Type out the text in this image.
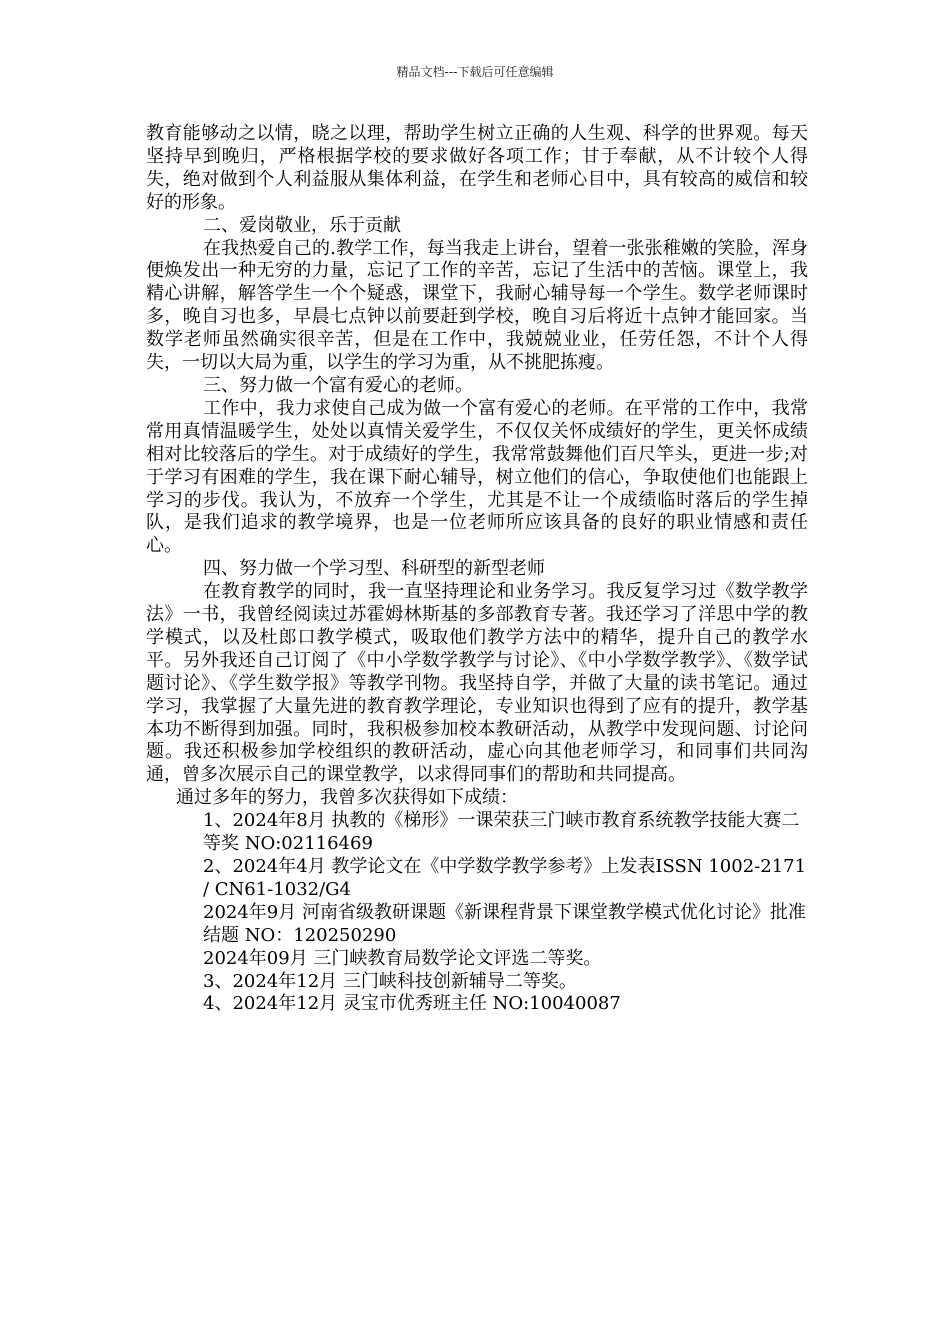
精品文档---下载后可任意编辑

教育能够动之以情，晓之以理，帮助学生树立正确的人生观、科学的世界观。每天坚持早到晚归，严格根据学校的要求做好各项工作；甘于奉献，从不计较个人得失，绝对做到个人利益服从集体利益，在学生和老师心目中，具有较高的威信和较好的形象。

二、爱岗敬业，乐于贡献

在我热爱自己的.教学工作，每当我走上讲台，望着一张张稚嫩的笑脸，浑身便焕发出一种无穷的力量，忘记了工作的辛苦，忘记了生活中的苦恼。课堂上，我精心讲解，解答学生一个个疑惑，课堂下，我耐心辅导每一个学生。数学老师课时多，晚自习也多，早晨七点钟以前要赶到学校，晚自习后将近十点钟才能回家。当数学老师虽然确实很辛苦，但是在工作中，我兢兢业业，任劳任怨，不计个人得失，一切以大局为重，以学生的学习为重，从不挑肥拣瘦。

三、努力做一个富有爱心的老师。

工作中，我力求使自己成为做一个富有爱心的老师。在平常的工作中，我常常用真情温暖学生，处处以真情关爱学生，不仅仅关怀成绩好的学生，更关怀成绩相对比较落后的学生。对于成绩好的学生，我常常鼓舞他们百尺竿头，更进一步;对于学习有困难的学生，我在课下耐心辅导，树立他们的信心，争取使他们也能跟上学习的步伐。我认为，不放弃一个学生，尤其是不让一个成绩临时落后的学生掉队，是我们追求的教学境界，也是一位老师所应该具备的良好的职业情感和责任心。

四、努力做一个学习型、科研型的新型老师

在教育教学的同时，我一直坚持理论和业务学习。我反复学习过《数学教学法》一书，我曾经阅读过苏霍姆林斯基的多部教育专著。我还学习了洋思中学的教学模式，以及杜郎口教学模式，吸取他们教学方法中的精华，提升自己的教学水平。另外我还自己订阅了《中小学数学教学与讨论》、《中小学数学教学》、《数学试题讨论》、《学生数学报》等教学刊物。我坚持自学，并做了大量的读书笔记。通过学习，我掌握了大量先进的教育教学理论，专业知识也得到了应有的提升，教学基本功不断得到加强。同时，我积极参加校本教研活动，从教学中发现问题、讨论问题。我还积极参加学校组织的教研活动，虚心向其他老师学习，和同事们共同沟通，曾多次展示自己的课堂教学，以求得同事们的帮助和共同提高。

通过多年的努力，我曾多次获得如下成绩：

1、2024年8月 执教的《梯形》一课荣获三门峡市教育系统教学技能大赛二等奖 NO:02116469

2、2024年4月 教学论文在《中学数学教学参考》上发表ISSN 1002-2171 / CN61-1032/G4

2024年9月 河南省级教研课题《新课程背景下课堂教学模式优化讨论》批准结题 NO：120250290

2024年09月 三门峡教育局数学论文评选二等奖。

3、2024年12月 三门峡科技创新辅导二等奖。

4、2024年12月 灵宝市优秀班主任 NO:10040087
